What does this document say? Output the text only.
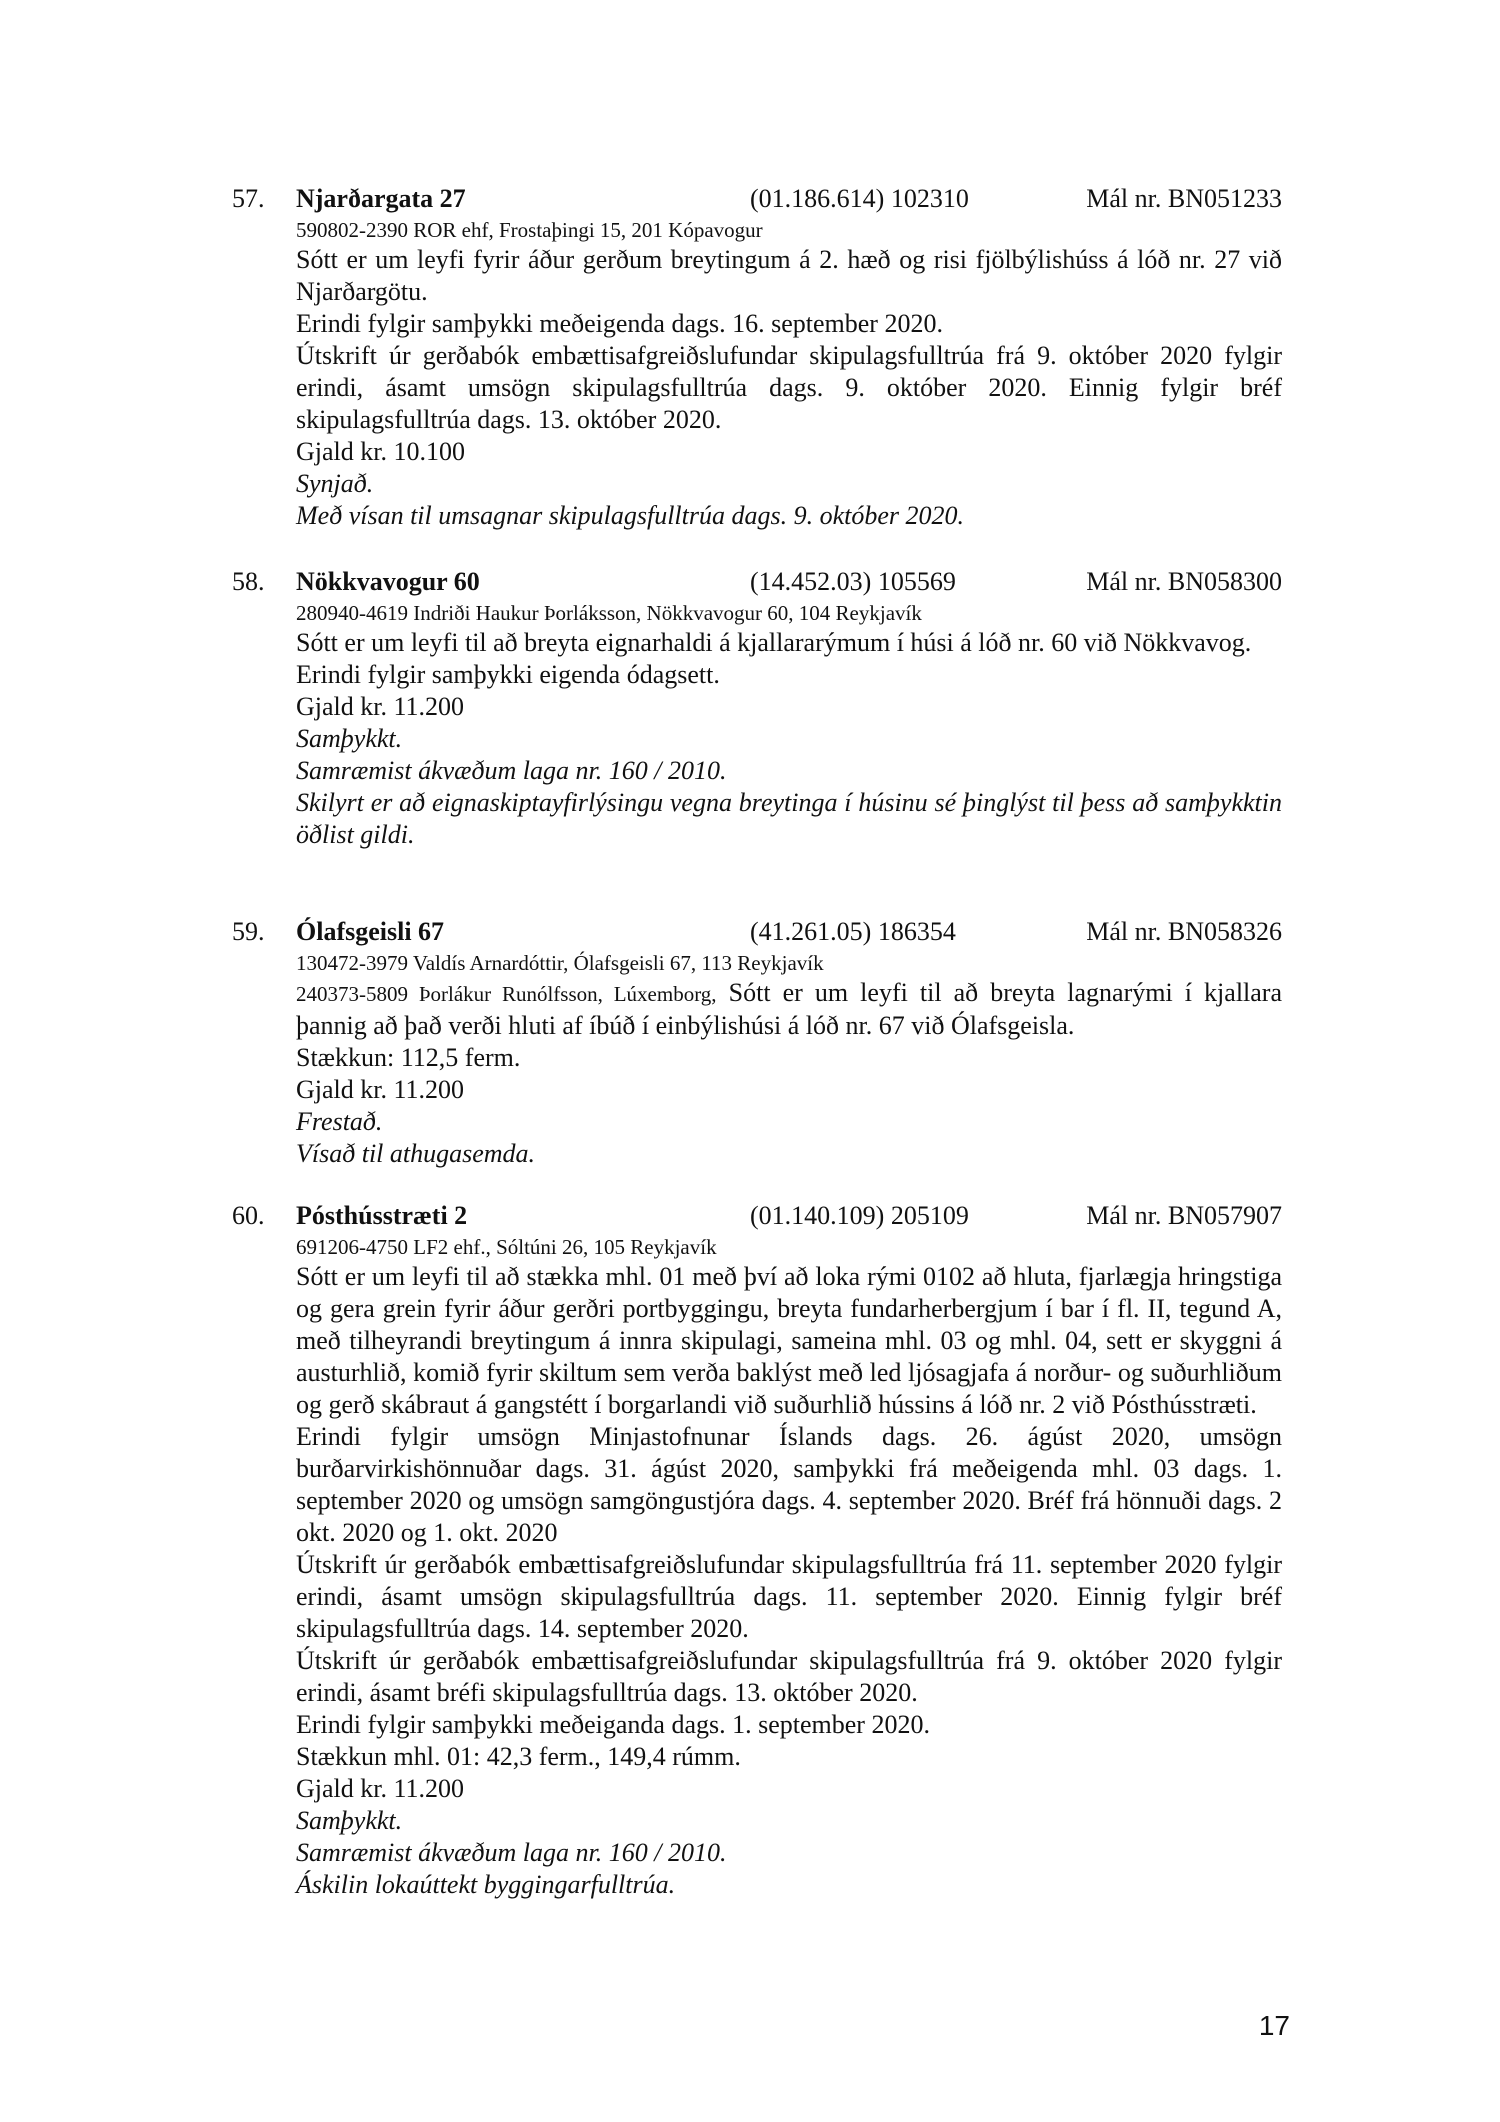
57. Njarðargata 27	(01.186.614) 102310	Mál nr. BN051233
590802-2390 ROR ehf, Frostaþingi 15, 201 Kópavogur

Sótt er um leyfi fyrir áður gerðum breytingum á 2. hæð og risi fjölbýlishúss á lóð nr. 27 við Njarðargötu.

Erindi fylgir samþykki meðeigenda dags. 16. september 2020.

Útskrift úr gerðabók embættisafgreiðslufundar skipulagsfulltrúa frá 9. október 2020 fylgir erindi, ásamt umsögn skipulagsfulltrúa dags. 9. október 2020. Einnig fylgir bréf skipulagsfulltrúa dags. 13. október 2020.

Gjald kr. 10.100

Synjað.

Með vísan til umsagnar skipulagsfulltrúa dags. 9. október 2020.

58. Nökkvavogur 60	(14.452.03) 105569	Mál nr. BN058300
280940-4619 Indriði Haukur Þorláksson, Nökkvavogur 60, 104 Reykjavík

Sótt er um leyfi til að breyta eignarhaldi á kjallararýmum í húsi á lóð nr. 60 við Nökkvavog.

Erindi fylgir samþykki eigenda ódagsett.

Gjald kr. 11.200

Samþykkt.

Samræmist ákvæðum laga nr. 160 / 2010.

Skilyrt er að eignaskiptayfirlýsingu vegna breytinga í húsinu sé þinglýst til þess að samþykktin öðlist gildi.

59. Ólafsgeisli 67	(41.261.05) 186354	Mál nr. BN058326
130472-3979 Valdís Arnardóttir, Ólafsgeisli 67, 113 Reykjavík

240373-5809 Þorlákur Runólfsson, Lúxemborg, Sótt er um leyfi til að breyta lagnarými í kjallara þannig að það verði hluti af íbúð í einbýlishúsi á lóð nr. 67 við Ólafsgeisla.

Stækkun: 112,5 ferm.

Gjald kr. 11.200

Frestað.

Vísað til athugasemda.

60. Pósthússtræti 2	(01.140.109) 205109	Mál nr. BN057907
691206-4750 LF2 ehf., Sóltúni 26, 105 Reykjavík

Sótt er um leyfi til að stækka mhl. 01 með því að loka rými 0102 að hluta, fjarlægja hringstiga og gera grein fyrir áður gerðri portbyggingu, breyta fundarherbergjum í bar í fl. II, tegund A, með tilheyrandi breytingum á innra skipulagi, sameina mhl. 03 og mhl. 04, sett er skyggni á austurhlið, komið fyrir skiltum sem verða baklýst með led ljósagjafa á norður- og suðurhliðum og gerð skábraut á gangstétt í borgarlandi við suðurhlið hússins á lóð nr. 2 við Pósthússtræti.

Erindi fylgir umsögn Minjastofnunar Íslands dags. 26. ágúst 2020, umsögn burðarvirkishönnuðar dags. 31. ágúst 2020, samþykki frá meðeigenda mhl. 03 dags. 1. september 2020 og umsögn samgöngustjóra dags. 4. september 2020. Bréf frá hönnuði dags. 2 okt. 2020 og 1. okt. 2020

Útskrift úr gerðabók embættisafgreiðslufundar skipulagsfulltrúa frá 11. september 2020 fylgir erindi, ásamt umsögn skipulagsfulltrúa dags. 11. september 2020. Einnig fylgir bréf skipulagsfulltrúa dags. 14. september 2020.

Útskrift úr gerðabók embættisafgreiðslufundar skipulagsfulltrúa frá 9. október 2020 fylgir erindi, ásamt bréfi skipulagsfulltrúa dags. 13. október 2020.

Erindi fylgir samþykki meðeiganda dags. 1. september 2020.

Stækkun mhl. 01: 42,3 ferm., 149,4 rúmm.

Gjald kr. 11.200

Samþykkt.

Samræmist ákvæðum laga nr. 160 / 2010.

Áskilin lokaúttekt byggingarfulltrúa.

17
